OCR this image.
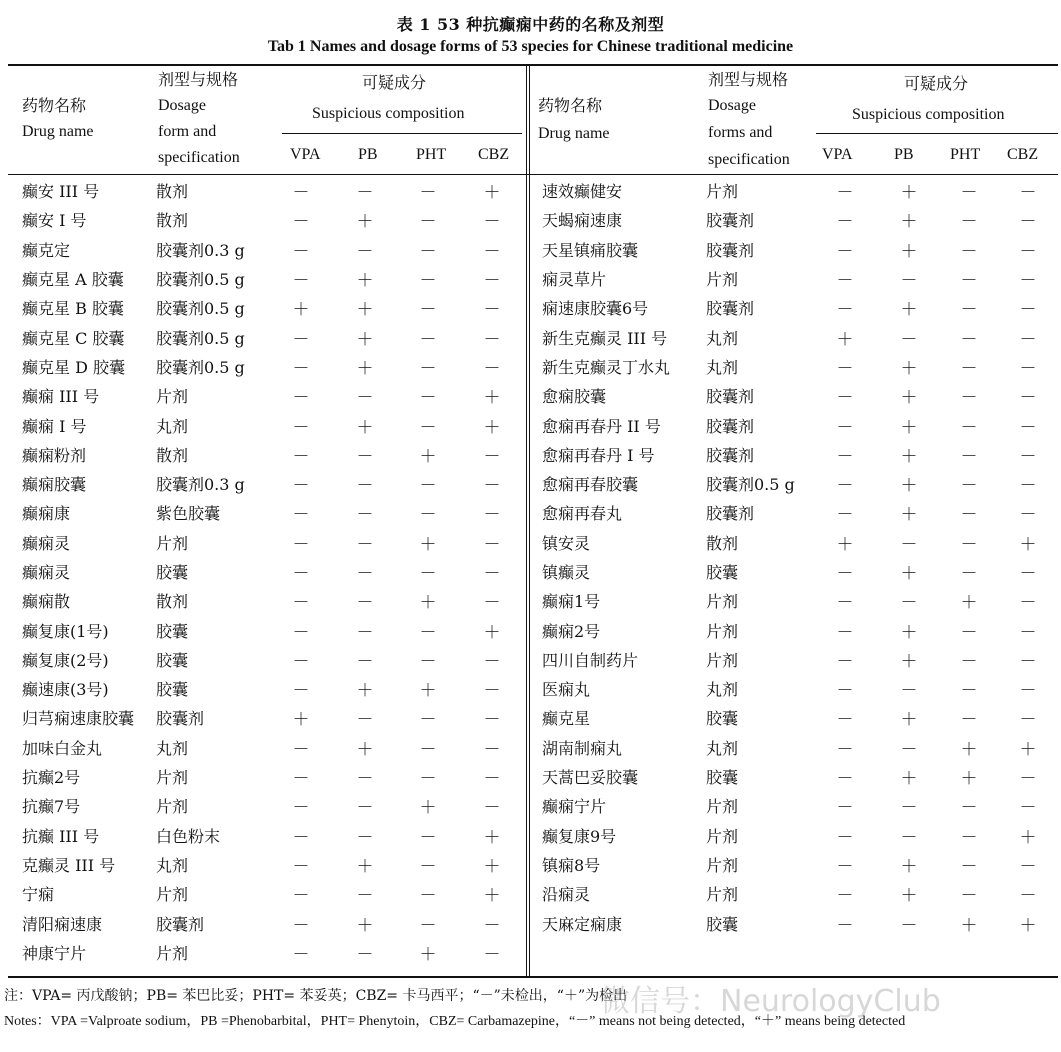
表 1 53 种抗癫痫中药的名称及剂型
Tab 1 Names and dosage forms of 53 species for Chinese traditional medicine
药物名称
Drug name
剂型与规格
Dosage
form and
specification
可疑成分
Suspicious composition
VPA PB PHT CBZ
药物名称
Drug name
剂型与规格
Dosage
forms and
specification
可疑成分
Suspicious composition
VPA	PB PHT CBZ
癫安 III 号	散剂	－	－	－	＋
癫安 I 号	散剂	－	＋	－	－
癫克定	胶囊剂0.3 g	－	－	－	－
癫克星 A 胶囊	胶囊剂0.5 g	－	＋	－	－
癫克星 B 胶囊	胶囊剂0.5 g	＋	＋	－	－
癫克星 C 胶囊	胶囊剂0.5 g	－	＋	－	－
癫克星 D 胶囊	胶囊剂0.5 g	－	＋	－	－
癫痫 III 号	片剂	－	－	－	＋
癫痫 I 号	丸剂	－	＋	－	＋
癫痫粉剂	散剂	－	－	＋	－
癫痫胶囊	胶囊剂0.3 g	－	－	－	－
癫痫康	紫色胶囊	－	－	－	－
癫痫灵	片剂	－	－	＋	－
癫痫灵	胶囊	－	－	－	－
癫痫散	散剂	－	－	＋	－
癫复康(1号)	胶囊	－	－	－	＋
癫复康(2号)	胶囊	－	－	－	－
癫速康(3号)	胶囊	－	＋	＋	－
归芎痫速康胶囊	胶囊剂	＋	－	－	－
加味白金丸	丸剂	－	＋	－	－
抗癫2号	片剂	－	－	－	－
抗癫7号	片剂	－	－	＋	－
抗癫 III 号	白色粉末	－	－	－	＋
克癫灵 III 号	丸剂	－	＋	－	＋
宁痫	片剂	－	－	－	＋
清阳痫速康	胶囊剂	－	＋	－	－
神康宁片	片剂	－	－	＋	－
速效癫健安	片剂	－	＋	－	－
天蝎痫速康	胶囊剂	－	＋	－	－
天星镇痛胶囊	胶囊剂	－	＋	－	－
痫灵草片	片剂	－	－	－	－
痫速康胶囊6号	胶囊剂	－	＋	－	－
新生克癫灵 III 号	丸剂	＋	－	－	－
新生克癫灵丁水丸	丸剂	－	＋	－	－
愈痫胶囊	胶囊剂	－	＋	－	－
愈痫再春丹 II 号	胶囊剂	－	＋	－	－
愈痫再春丹 I 号	胶囊剂	－	＋	－	－
愈痫再春胶囊	胶囊剂0.5 g	－	＋	－	－
愈痫再春丸	胶囊剂	－	＋	－	－
镇安灵	散剂	＋	－	－	＋
镇癫灵	胶囊	－	＋	－	－
癫痫1号	片剂	－	－	＋	－
癫痫2号	片剂	－	＋	－	－
四川自制药片	片剂	－	＋	－	－
医痫丸	丸剂	－	－	－	－
癫克星	胶囊	－	＋	－	－
湖南制痫丸	丸剂	－	－	＋	＋
天蒿巴妥胶囊	胶囊	－	＋	＋	－
癫痫宁片	片剂	－	－	－	－
癫复康9号	片剂	－	－	－	＋
镇痫8号	片剂	－	＋	－	－
沿痫灵	片剂	－	＋	－	－
天麻定痫康	胶囊	－	－	＋	＋
注：VPA= 丙戊酸钠；PB= 苯巴比妥；PHT= 苯妥英；CBZ= 卡马西平；“－”未检出，“＋”为检出
Notes：VPA =Valproate sodium，PB =Phenobarbital，PHT= Phenytoin，CBZ= Carbamazepine，“－” means not being detected，“＋” means being detected
微信号：NeurologyClub
